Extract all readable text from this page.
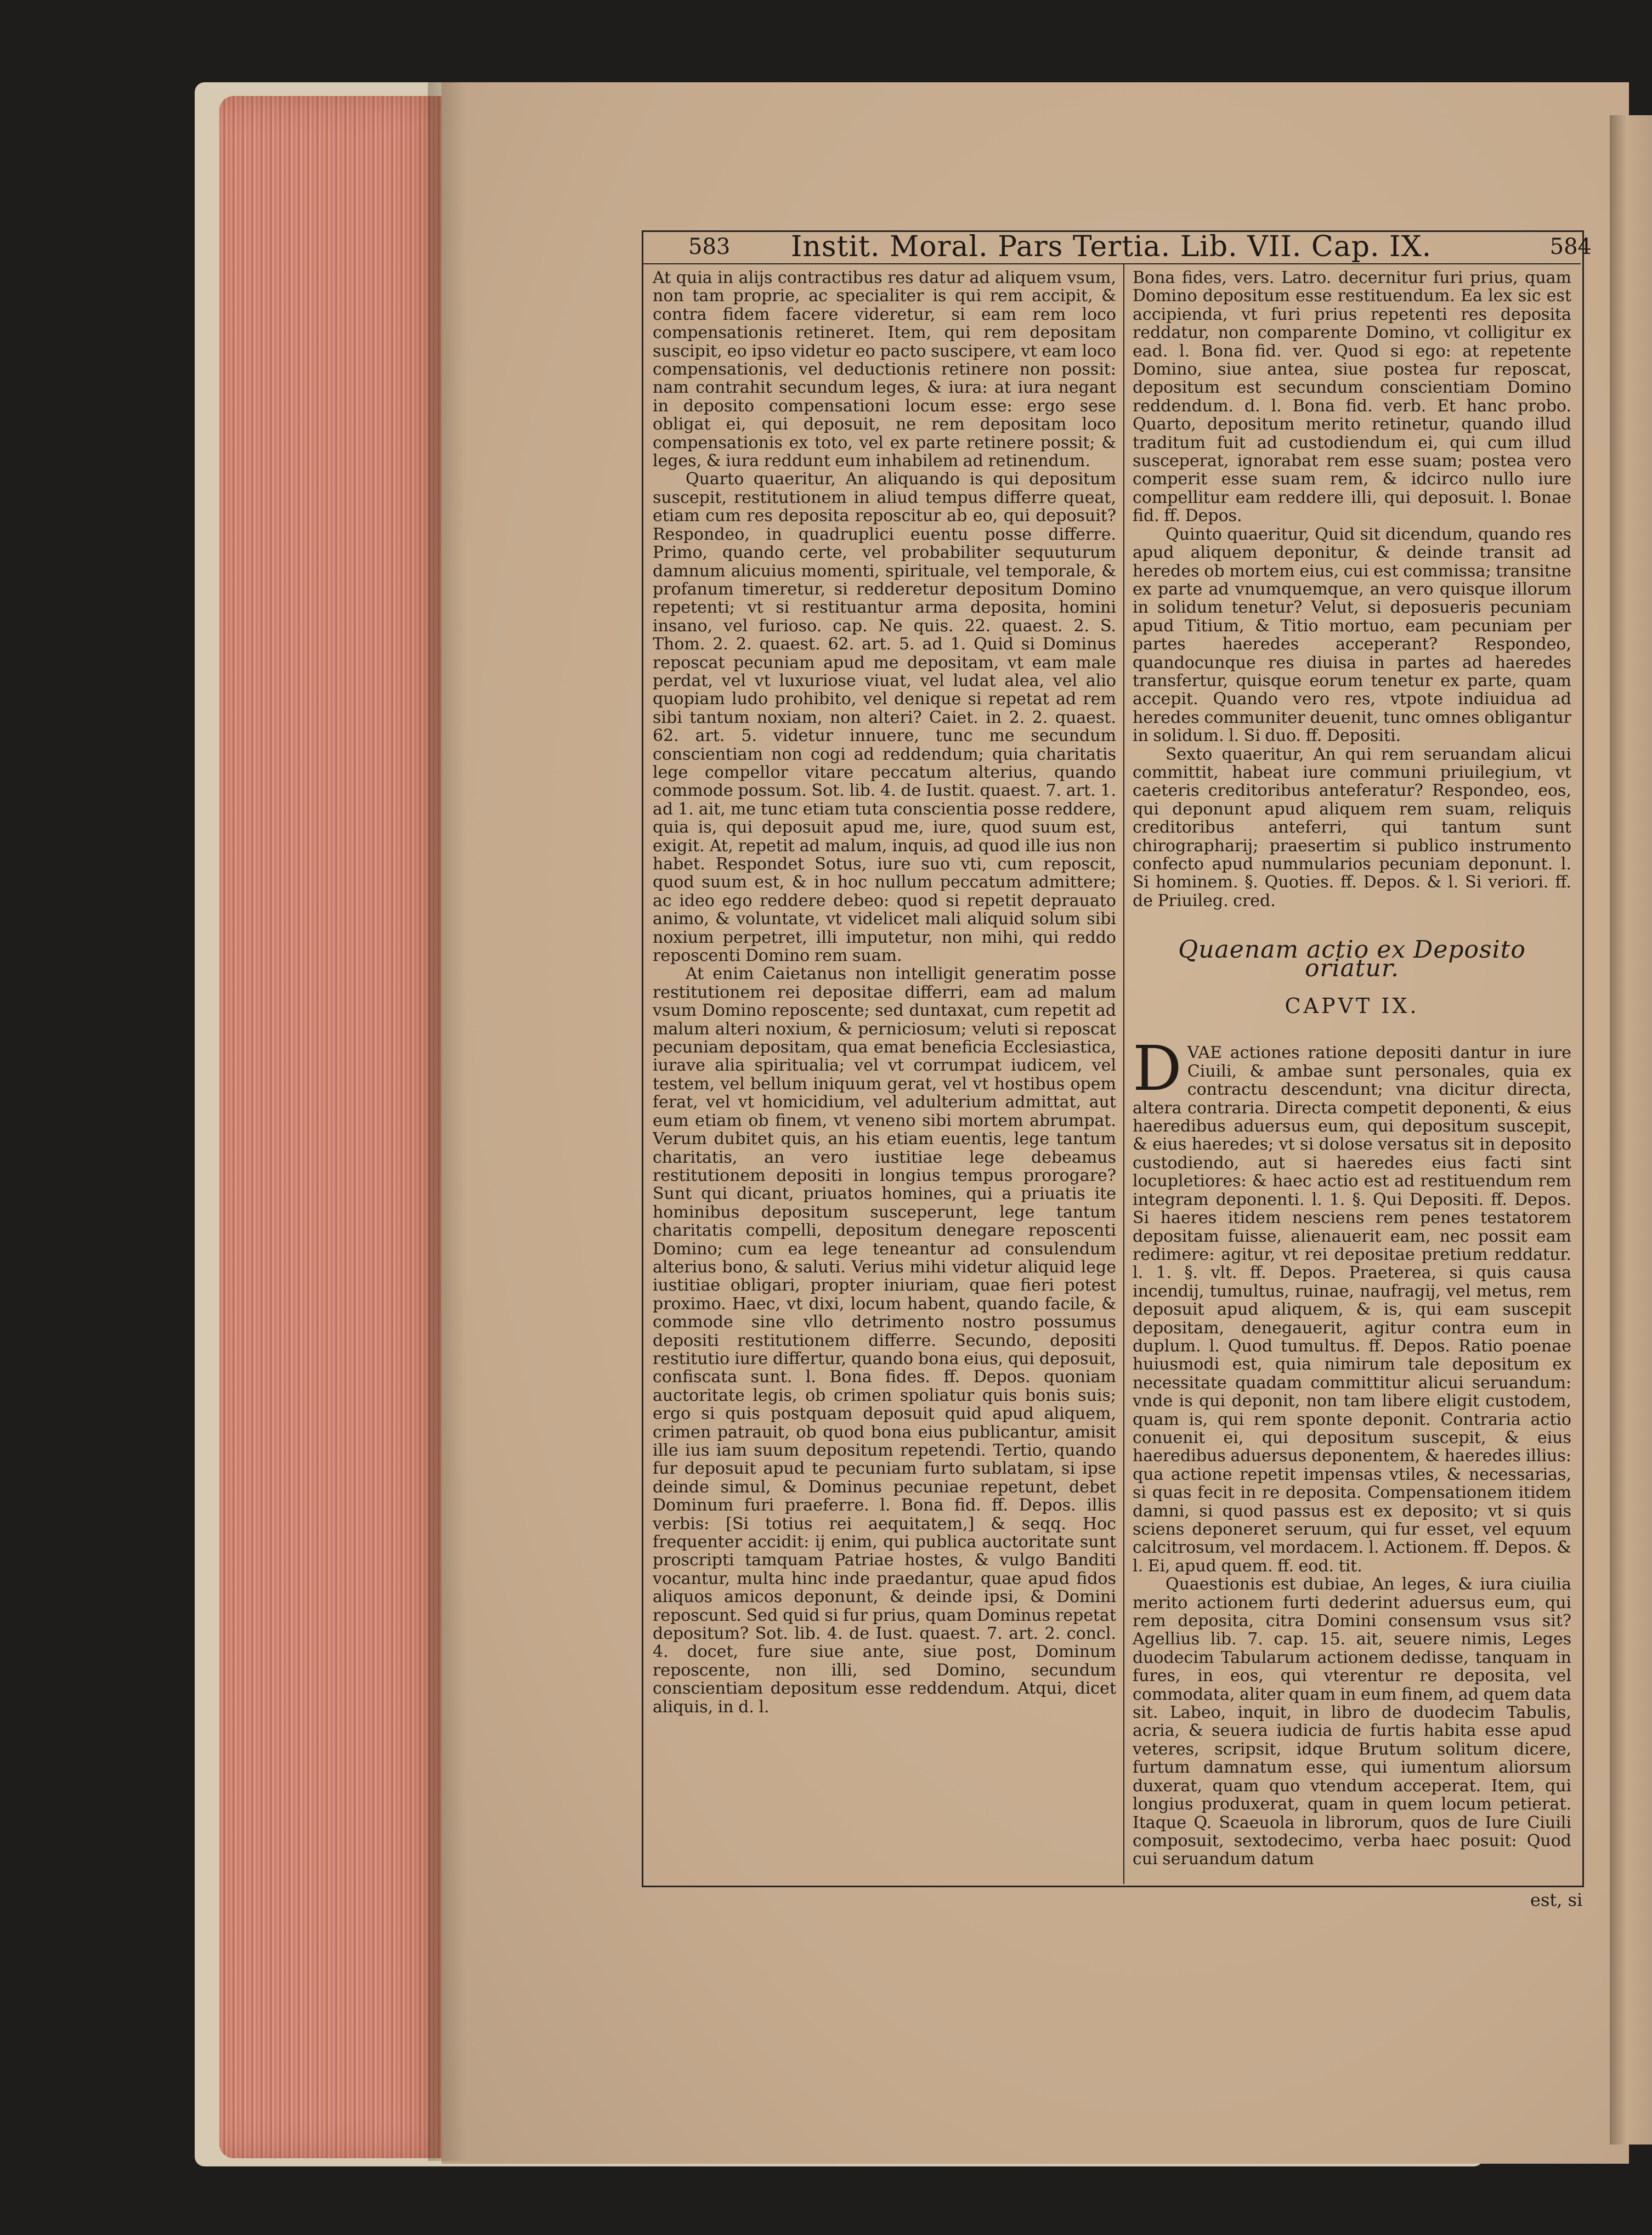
583	Instit. Moral. Pars Tertia. Lib. VII. Cap. IX.	584

At quia in alijs contractibus res datur ad aliquem vsum, non tam proprie, ac specialiter is qui rem accipit, & contra fidem facere videretur, si eam rem loco compensationis retineret. Item, qui rem depositam suscipit, eo ipso videtur eo pacto suscipere, vt eam loco compensationis, vel deductionis retinere non possit: nam contrahit secundum leges, & iura: at iura negant in deposito compensationi locum esse: ergo sese obligat ei, qui deposuit, ne rem depositam loco compensationis ex toto, vel ex parte retinere possit; & leges, & iura reddunt eum inhabilem ad retinendum.

Quarto quaeritur, An aliquando is qui depositum suscepit, restitutionem in aliud tempus differre queat, etiam cum res deposita reposcitur ab eo, qui deposuit? Respondeo, in quadruplici euentu posse differre. Primo, quando certe, vel probabiliter sequuturum damnum alicuius momenti, spirituale, vel temporale, & profanum timeretur, si redderetur depositum Domino repetenti; vt si restituantur arma deposita, homini insano, vel furioso. cap. Ne quis. 22. quaest. 2. S. Thom. 2. 2. quaest. 62. art. 5. ad 1. Quid si Dominus reposcat pecuniam apud me depositam, vt eam male perdat, vel vt luxuriose viuat, vel ludat alea, vel alio quopiam ludo prohibito, vel denique si repetat ad rem sibi tantum noxiam, non alteri? Caiet. in 2. 2. quaest. 62. art. 5. videtur innuere, tunc me secundum conscientiam non cogi ad reddendum; quia charitatis lege compellor vitare peccatum alterius, quando commode possum. Sot. lib. 4. de Iustit. quaest. 7. art. 1. ad 1. ait, me tunc etiam tuta conscientia posse reddere, quia is, qui deposuit apud me, iure, quod suum est, exigit. At, repetit ad malum, inquis, ad quod ille ius non habet. Respondet Sotus, iure suo vti, cum reposcit, quod suum est, & in hoc nullum peccatum admittere; ac ideo ego reddere debeo: quod si repetit deprauato animo, & voluntate, vt videlicet mali aliquid solum sibi noxium perpetret, illi imputetur, non mihi, qui reddo reposcenti Domino rem suam.

At enim Caietanus non intelligit generatim posse restitutionem rei depositae differri, eam ad malum vsum Domino reposcente; sed duntaxat, cum repetit ad malum alteri noxium, & perniciosum; veluti si reposcat pecuniam depositam, qua emat beneficia Ecclesiastica, iurave alia spiritualia; vel vt corrumpat iudicem, vel testem, vel bellum iniquum gerat, vel vt hostibus opem ferat, vel vt homicidium, vel adulterium admittat, aut eum etiam ob finem, vt veneno sibi mortem abrumpat. Verum dubitet quis, an his etiam euentis, lege tantum charitatis, an vero iustitiae lege debeamus restitutionem depositi in longius tempus prorogare? Sunt qui dicant, priuatos homines, qui a priuatis ite hominibus depositum susceperunt, lege tantum charitatis compelli, depositum denegare reposcenti Domino; cum ea lege teneantur ad consulendum alterius bono, & saluti. Verius mihi videtur aliquid lege iustitiae obligari, propter iniuriam, quae fieri potest proximo. Haec, vt dixi, locum habent, quando facile, & commode sine vllo detrimento nostro possumus depositi restitutionem differre. Secundo, depositi restitutio iure differtur, quando bona eius, qui deposuit, confiscata sunt. l. Bona fides. ff. Depos. quoniam auctoritate legis, ob crimen spoliatur quis bonis suis; ergo si quis postquam deposuit quid apud aliquem, crimen patrauit, ob quod bona eius publicantur, amisit ille ius iam suum depositum repetendi. Tertio, quando fur deposuit apud te pecuniam furto sublatam, si ipse deinde simul, & Dominus pecuniae repetunt, debet Dominum furi praeferre. l. Bona fid. ff. Depos. illis verbis: [Si totius rei aequitatem,] & seqq. Hoc frequenter accidit: ij enim, qui publica auctoritate sunt proscripti tamquam Patriae hostes, & vulgo Banditi vocantur, multa hinc inde praedantur, quae apud fidos aliquos amicos deponunt, & deinde ipsi, & Domini reposcunt. Sed quid si fur prius, quam Dominus repetat depositum? Sot. lib. 4. de Iust. quaest. 7. art. 2. concl. 4. docet, fure siue ante, siue post, Dominum reposcente, non illi, sed Domino, secundum conscientiam depositum esse reddendum. Atqui, dicet aliquis, in d. l.

Bona fides, vers. Latro. decernitur furi prius, quam Domino depositum esse restituendum. Ea lex sic est accipienda, vt furi prius repetenti res deposita reddatur, non comparente Domino, vt colligitur ex ead. l. Bona fid. ver. Quod si ego: at repetente Domino, siue antea, siue postea fur reposcat, depositum est secundum conscientiam Domino reddendum. d. l. Bona fid. verb. Et hanc probo. Quarto, depositum merito retinetur, quando illud traditum fuit ad custodiendum ei, qui cum illud susceperat, ignorabat rem esse suam; postea vero comperit esse suam rem, & idcirco nullo iure compellitur eam reddere illi, qui deposuit. l. Bonae fid. ff. Depos.

Quinto quaeritur, Quid sit dicendum, quando res apud aliquem deponitur, & deinde transit ad heredes ob mortem eius, cui est commissa; transitne ex parte ad vnumquemque, an vero quisque illorum in solidum tenetur? Velut, si deposueris pecuniam apud Titium, & Titio mortuo, eam pecuniam per partes haeredes acceperant? Respondeo, quandocunque res diuisa in partes ad haeredes transfertur, quisque eorum tenetur ex parte, quam accepit. Quando vero res, vtpote indiuidua ad heredes communiter deuenit, tunc omnes obligantur in solidum. l. Si duo. ff. Depositi.

Sexto quaeritur, An qui rem seruandam alicui committit, habeat iure communi priuilegium, vt caeteris creditoribus anteferatur? Respondeo, eos, qui deponunt apud aliquem rem suam, reliquis creditoribus anteferri, qui tantum sunt chirographarij; praesertim si publico instrumento confecto apud nummularios pecuniam deponunt. l. Si hominem. §. Quoties. ff. Depos. & l. Si veriori. ff. de Priuileg. cred.

Quaenam actio ex Deposito oriatur.
CAPVT IX.

DVAE actiones ratione depositi dantur in iure Ciuili, & ambae sunt personales, quia ex contractu descendunt; vna dicitur directa, altera contraria. Directa competit deponenti, & eius haeredibus aduersus eum, qui depositum suscepit, & eius haeredes; vt si dolose versatus sit in deposito custodiendo, aut si haeredes eius facti sint locupletiores: & haec actio est ad restituendum rem integram deponenti. l. 1. §. Qui Depositi. ff. Depos. Si haeres itidem nesciens rem penes testatorem depositam fuisse, alienauerit eam, nec possit eam redimere: agitur, vt rei depositae pretium reddatur. l. 1. §. vlt. ff. Depos. Praeterea, si quis causa incendij, tumultus, ruinae, naufragij, vel metus, rem deposuit apud aliquem, & is, qui eam suscepit depositam, denegauerit, agitur contra eum in duplum. l. Quod tumultus. ff. Depos. Ratio poenae huiusmodi est, quia nimirum tale depositum ex necessitate quadam committitur alicui seruandum: vnde is qui deponit, non tam libere eligit custodem, quam is, qui rem sponte deponit. Contraria actio conuenit ei, qui depositum suscepit, & eius haeredibus aduersus deponentem, & haeredes illius: qua actione repetit impensas vtiles, & necessarias, si quas fecit in re deposita. Compensationem itidem damni, si quod passus est ex deposito; vt si quis sciens deponeret seruum, qui fur esset, vel equum calcitrosum, vel mordacem. l. Actionem. ff. Depos. & l. Ei, apud quem. ff. eod. tit.

Quaestionis est dubiae, An leges, & iura ciuilia merito actionem furti dederint aduersus eum, qui rem deposita, citra Domini consensum vsus sit? Agellius lib. 7. cap. 15. ait, seuere nimis, Leges duodecim Tabularum actionem dedisse, tanquam in fures, in eos, qui vterentur re deposita, vel commodata, aliter quam in eum finem, ad quem data sit. Labeo, inquit, in libro de duodecim Tabulis, acria, & seuera iudicia de furtis habita esse apud veteres, scripsit, idque Brutum solitum dicere, furtum damnatum esse, qui iumentum aliorsum duxerat, quam quo vtendum acceperat. Item, qui longius produxerat, quam in quem locum petierat. Itaque Q. Scaeuola in librorum, quos de Iure Ciuili composuit, sextodecimo, verba haec posuit: Quod cui seruandum datum

est, si
